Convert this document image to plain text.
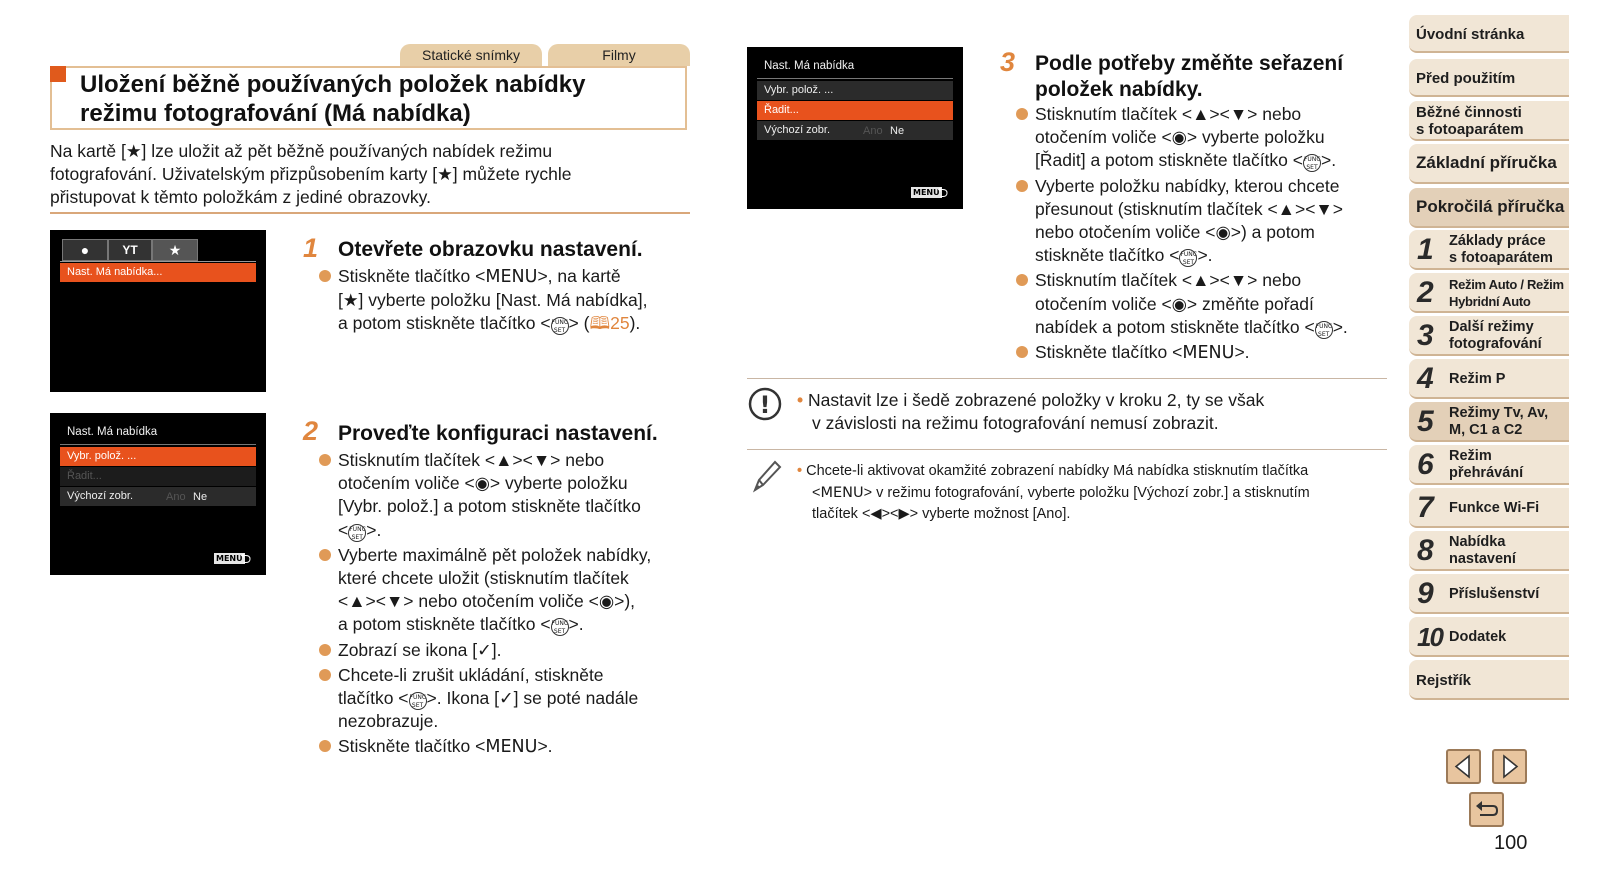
Statické snímky	Filmy
Uložení běžně používaných položek nabídky
režimu fotografování (Má nabídka)
Na kartě [★] lze uložit až pět běžně používaných nabídek režimu
fotografování. Uživatelským přizpůsobením karty [★] můžete rychle
přistupovat k těmto položkám z jediné obrazovky.
●	ΥΤ	★
Nast. Má nabídka...
Nast. Má nabídka
Vybr. polož. ...
Řadit...
Výchozí zobr.	Ano Ne
MENU
⮌
Nast. Má nabídka
Vybr. polož. ...
Řadit...
Výchozí zobr.	Ano Ne
MENU
⮌
1 Otevřete obrazovku nastavení.
Stiskněte tlačítko <MENU>, na kartě
[★] vyberte položku [Nast. Má nabídka],
a potom stiskněte tlačítko <FUNC
SET > (🕮25).
2 Proveďte konfiguraci nastavení.
Stisknutím tlačítek <▲><▼> nebo
otočením voliče <◉> vyberte položku
[Vybr. polož.] a potom stiskněte tlačítko
<FUNC
SET >.
Vyberte maximálně pět položek nabídky,
které chcete uložit (stisknutím tlačítek
<▲><▼> nebo otočením voliče <◉>),
a potom stiskněte tlačítko <FUNC
SET >.
Zobrazí se ikona [✓].
Chcete-li zrušit ukládání, stiskněte
tlačítko <FUNC
SET >. Ikona [✓] se poté nadále
nezobrazuje.
Stiskněte tlačítko <MENU>.
3 Podle potřeby změňte seřazení
položek nabídky.
Stisknutím tlačítek <▲><▼> nebo
otočením voliče <◉> vyberte položku
[Řadit] a potom stiskněte tlačítko <FUNC
SET >.
Vyberte položku nabídky, kterou chcete
přesunout (stisknutím tlačítek <▲><▼>
nebo otočením voliče <◉>) a potom
stiskněte tlačítko <FUNC
SET >.
Stisknutím tlačítek <▲><▼> nebo
otočením voliče <◉> změňte pořadí
nabídek a potom stiskněte tlačítko <FUNC
SET >.
Stiskněte tlačítko <MENU>.
! • Nastavit lze i šedě zobrazené položky v kroku 2, ty se však
v závislosti na režimu fotografování nemusí zobrazit.
• Chcete-li aktivovat okamžité zobrazení nabídky Má nabídka stisknutím tlačítka
<MENU> v režimu fotografování, vyberte položku [Výchozí zobr.] a stisknutím
tlačítek <◀><▶> vyberte možnost [Ano].
Úvodní stránka
Před použitím
Běžné činnosti
s fotoaparátem
Základní příručka
Pokročilá příručka
1 Základy práce
s fotoaparátem
2 Režim Auto / Režim
Hybridní Auto
3 Další režimy
fotografování
4 Režim P
5 Režimy Tv, Av,
M, C1 a C2
6 Režim
přehrávání
7 Funkce Wi-Fi
8 Nabídka
nastavení
9 Příslušenství
10 Dodatek
Rejstřík
100
